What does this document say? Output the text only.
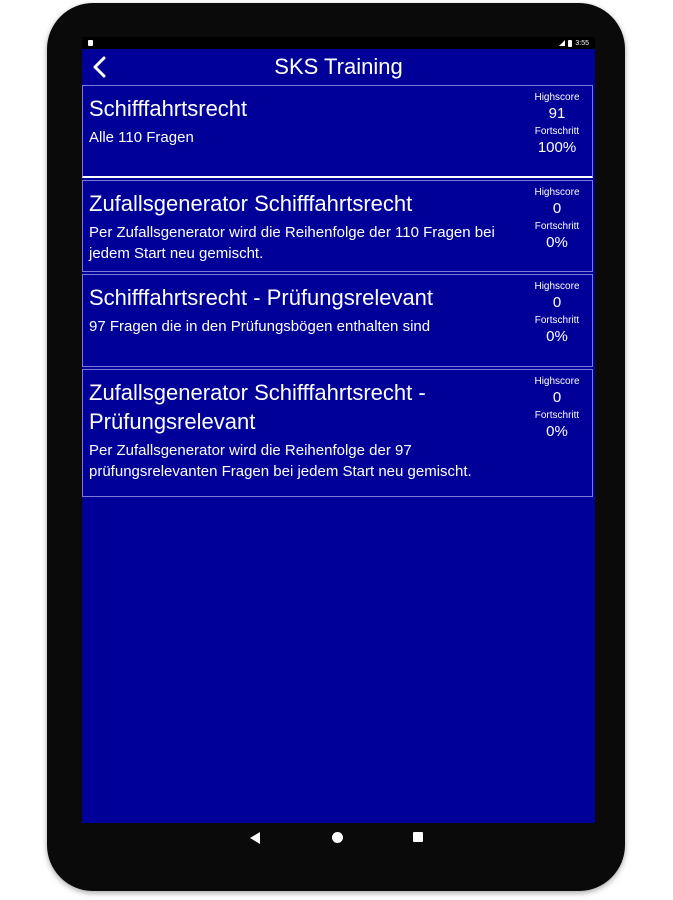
3:55
SKS Training
Schifffahrtsrecht
Alle 110 Fragen
Highscore
91
Fortschritt
100%
Zufallsgenerator Schifffahrtsrecht
Per Zufallsgenerator wird die Reihenfolge der 110 Fragen bei jedem Start neu gemischt.
Highscore
0
Fortschritt
0%
Schifffahrtsrecht - Prüfungsrelevant
97 Fragen die in den Prüfungsbögen enthalten sind
Highscore
0
Fortschritt
0%
Zufallsgenerator Schifffahrtsrecht - Prüfungsrelevant
Per Zufallsgenerator wird die Reihenfolge der 97 prüfungsrelevanten Fragen bei jedem Start neu gemischt.
Highscore
0
Fortschritt
0%
